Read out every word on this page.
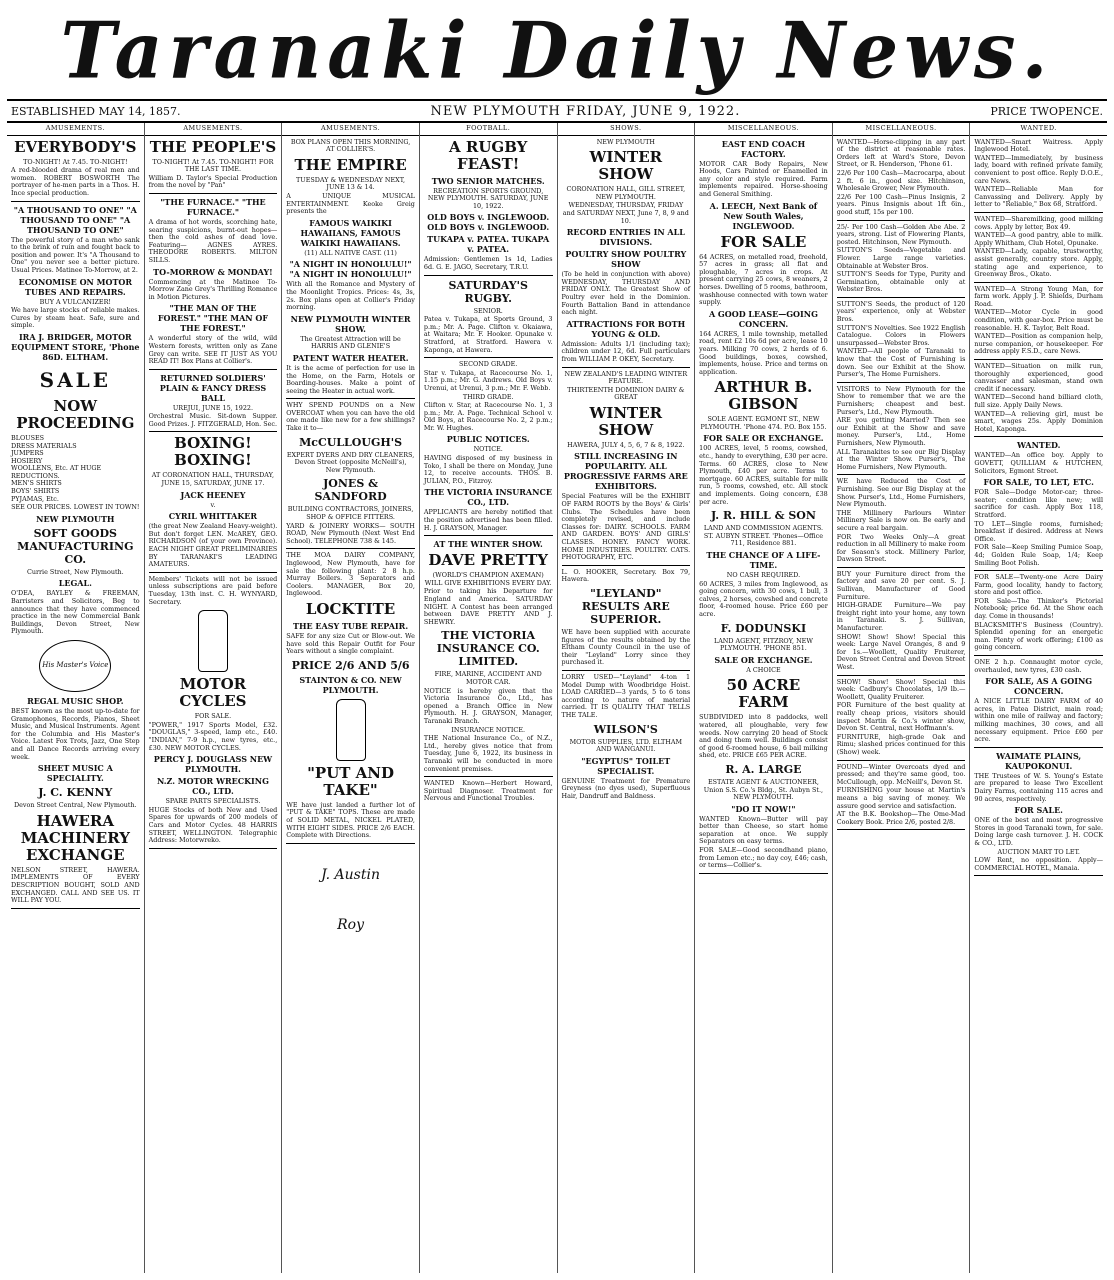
Taranaki Daily News.
ESTABLISHED MAY 14, 1857.	NEW PLYMOUTH FRIDAY, JUNE 9, 1922.	PRICE TWOPENCE.
AMUSEMENTS.
EVERYBODY'S
TO-NIGHT! At 7.45. TO-NIGHT!
A red-blooded drama of real men and women. ROBERT BOSWORTH The portrayer of he-men parts in a Thos. H. Ince special production.
"A THOUSAND TO ONE" "A THOUSAND TO ONE" "A THOUSAND TO ONE"
The powerful story of a man who sank to the brink of ruin and fought back to position and power. It's "A Thousand to One" you never see a better picture. Usual Prices. Matinee To-Morrow, at 2.
ECONOMISE ON MOTOR TUBES AND REPAIRS.
BUY A VULCANIZER!
We have large stocks of reliable makes. Cures by steam heat. Safe, sure and simple.
IRA J. BRIDGER, MOTOR EQUIPMENT STORE, 'Phone 86D. ELTHAM.
SALE
NOW PROCEEDING
BLOUSES
DRESS MATERIALS
JUMPERS
HOSIERY
WOOLLENS, Etc. AT HUGE REDUCTIONS.
MEN'S SHIRTS
BOYS' SHIRTS
PYJAMAS, Etc.
SEE OUR PRICES. LOWEST IN TOWN!
NEW PLYMOUTH
SOFT GOODS MANUFACTURING CO.
Currie Street, New Plymouth.
LEGAL.
O'DEA, BAYLEY & FREEMAN, Barristers and Solicitors, Beg to announce that they have commenced practice in the new Commercial Bank Buildings, Devon Street, New Plymouth.
His Master's Voice
REGAL MUSIC SHOP.
BEST known as the most up-to-date for Gramophones, Records, Pianos, Sheet Music, and Musical Instruments. Agent for the Columbia and His Master's Voice. Latest Fox Trots, Jazz, One Step and all Dance Records arriving every week.
SHEET MUSIC A SPECIALITY.
J. C. KENNY
Devon Street Central, New Plymouth.
HAWERA MACHINERY EXCHANGE
NELSON STREET, HAWERA. IMPLEMENTS OF EVERY DESCRIPTION BOUGHT, SOLD AND EXCHANGED. CALL AND SEE US. IT WILL PAY YOU.
AMUSEMENTS.
THE PEOPLE'S
TO-NIGHT! At 7.45. TO-NIGHT! FOR THE LAST TIME.
William D. Taylor's Special Production from the novel by "Pan"
"THE FURNACE." "THE FURNACE."
A drama of hot words, scorching hate, searing suspicions, burnt-out hopes— then the cold ashes of dead love. Featuring— AGNES AYRES. THEODORE ROBERTS. MILTON SILLS.
TO-MORROW & MONDAY!
Commencing at the Matinee To-Morrow Zane Grey's Thrilling Romance in Motion Pictures.
"THE MAN OF THE FOREST." "THE MAN OF THE FOREST."
A wonderful story of the wild, wild Western forests, written only as Zane Grey can write. SEE IT JUST AS YOU READ IT! Box Plans at Collier's.
RETURNED SOLDIERS' PLAIN & FANCY DRESS BALL
UREJUI, JUNE 15, 1922.
Orchestral Music. Sit-down Supper. Good Prizes. J. FITZGERALD, Hon. Sec.
BOXING! BOXING!
AT CORONATION HALL, THURSDAY, JUNE 15, SATURDAY, JUNE 17.
JACK HEENEY
v.
CYRIL WHITTAKER
(the great New Zealand Heavy-weight). But don't forget LEN. McAREY, GEO. RICHARDSON (of your own Province). EACH NIGHT GREAT PRELIMINARIES BY TARANAKI'S LEADING AMATEURS.
Members' Tickets will not be issued unless subscriptions are paid before Tuesday, 13th inst. C. H. WYNYARD, Secretary.
MOTOR CYCLES
FOR SALE.
"POWER," 1917 Sports Model, £32. "DOUGLAS," 3-speed, lamp etc., £40. "INDIAN," 7-9 h.p., new tyres, etc., £30. NEW MOTOR CYCLES.
PERCY J. DOUGLASS NEW PLYMOUTH.
N.Z. MOTOR WRECKING CO., LTD.
SPARE PARTS SPECIALISTS.
HUGE Stocks of both New and Used Spares for upwards of 200 models of Cars and Motor Cycles. 48 HARRIS STREET, WELLINGTON. Telegraphic Address: Motorwreko.
AMUSEMENTS.
BOX PLANS OPEN THIS MORNING, AT COLLIER'S.
THE EMPIRE
TUESDAY & WEDNESDAY NEXT, JUNE 13 & 14.
A UNIQUE MUSICAL ENTERTAINMENT. Keoke Greig presents the
FAMOUS WAIKIKI HAWAIIANS, FAMOUS WAIKIKI HAWAIIANS.
(11) ALL NATIVE CAST. (11)
"A NIGHT IN HONOLULU!" "A NIGHT IN HONOLULU!"
With all the Romance and Mystery of the Moonlight Tropics. Prices: 4s, 3s, 2s. Box plans open at Collier's Friday morning.
NEW PLYMOUTH WINTER SHOW.
The Greatest Attraction will be HARRIS AND GLENIE'S
PATENT WATER HEATER.
It is the acme of perfection for use in the Home, on the Farm, Hotels or Boarding-houses. Make a point of seeing the Heater in actual work.
WHY SPEND POUNDS on a New OVERCOAT when you can have the old one made like new for a few shillings? Take it to—
McCULLOUGH'S
EXPERT DYERS AND DRY CLEANERS, Devon Street (opposite McNeill's), New Plymouth.
JONES & SANDFORD
BUILDING CONTRACTORS, JOINERS, SHOP & OFFICE FITTERS.
YARD & JOINERY WORKS— SOUTH ROAD, New Plymouth (Next West End School). TELEPHONE 738 & 145.
THE MOA DAIRY COMPANY, Inglewood, New Plymouth, have for sale the following plant: 2 8 h.p. Murray Boilers. 3 Separators and Coolers. MANAGER, Box 20, Inglewood.
LOCKTITE
THE EASY TUBE REPAIR.
SAFE for any size Cut or Blow-out. We have sold this Repair Outfit for Four Years without a single complaint.
PRICE 2/6 AND 5/6
STAINTON & CO. NEW PLYMOUTH.
"PUT AND TAKE"
WE have just landed a further lot of "PUT & TAKE" TOPS. These are made of SOLID METAL, NICKEL PLATED, WITH EIGHT SIDES. PRICE 2/6 EACH. Complete with Directions.
J. Austin Roy
FOOTBALL.
A RUGBY FEAST!
TWO SENIOR MATCHES.
RECREATION SPORTS GROUND, NEW PLYMOUTH. SATURDAY, JUNE 10, 1922.
OLD BOYS v. INGLEWOOD. OLD BOYS v. INGLEWOOD.
TUKAPA v. PATEA. TUKAPA v. PATEA.
Admission: Gentlemen 1s 1d, Ladies 6d. G. E. JAGO, Secretary, T.R.U.
SATURDAY'S RUGBY.
SENIOR.
Patea v. Tukapa, at Sports Ground, 3 p.m.; Mr. A. Page. Clifton v. Okaiawa, at Waitara; Mr. F. Hooker. Opunake v. Stratford, at Stratford. Hawera v. Kaponga, at Hawera.
SECOND GRADE.
Star v. Tukapa, at Racecourse No. 1, 1.15 p.m.; Mr. G. Andrews. Old Boys v. Urenui, at Urenui, 3 p.m.; Mr. F. Webb.
THIRD GRADE.
Clifton v. Star, at Racecourse No. 1, 3 p.m.; Mr. A. Page. Technical School v. Old Boys, at Racecourse No. 2, 2 p.m.; Mr. W. Hughes.
PUBLIC NOTICES.
NOTICE.
HAVING disposed of my business in Toko, I shall be there on Monday, June 12, to receive accounts. THOS. B. JULIAN, P.O., Fitzroy.
THE VICTORIA INSURANCE CO., LTD.
APPLICANTS are hereby notified that the position advertised has been filled. H. J. GRAYSON, Manager.
AT THE WINTER SHOW.
DAVE PRETTY
(WORLD'S CHAMPION AXEMAN) WILL GIVE EXHIBITIONS EVERY DAY.
Prior to taking his Departure for England and America. SATURDAY NIGHT. A Contest has been arranged between DAVE PRETTY AND J. SHEWRY.
THE VICTORIA INSURANCE CO. LIMITED.
FIRE, MARINE, ACCIDENT AND MOTOR CAR.
NOTICE is hereby given that the Victoria Insurance Co., Ltd., has opened a Branch Office in New Plymouth. H. J. GRAYSON, Manager, Taranaki Branch.
INSURANCE NOTICE.
THE National Insurance Co., of N.Z., Ltd., hereby gives notice that from Tuesday, June 6, 1922, its business in Taranaki will be conducted in more convenient premises.
WANTED Known—Herbert Howard, Spiritual Diagnoser. Treatment for Nervous and Functional Troubles.
SHOWS.
NEW PLYMOUTH
WINTER SHOW
CORONATION HALL, GILL STREET, NEW PLYMOUTH.
WEDNESDAY, THURSDAY, FRIDAY and SATURDAY NEXT, June 7, 8, 9 and 10.
RECORD ENTRIES IN ALL DIVISIONS.
POULTRY SHOW POULTRY SHOW
(To be held in conjunction with above) WEDNESDAY, THURSDAY AND FRIDAY ONLY. The Greatest Show of Poultry ever held in the Dominion. Fourth Battalion Band in attendance each night.
ATTRACTIONS FOR BOTH YOUNG & OLD.
Admission: Adults 1/1 (including tax); children under 12, 6d. Full particulars from WILLIAM P. OKEY, Secretary.
NEW ZEALAND'S LEADING WINTER FEATURE.
THIRTEENTH DOMINION DAIRY & GREAT
WINTER SHOW
HAWERA, JULY 4, 5, 6, 7 & 8, 1922.
STILL INCREASING IN POPULARITY. ALL PROGRESSIVE FARMS ARE EXHIBITORS.
Special Features will be the EXHIBIT OF FARM ROOTS by the Boys' & Girls' Clubs. The Schedules have been completely revised, and include Classes for: DAIRY. SCHOOLS. FARM AND GARDEN. BOYS' AND GIRLS' CLASSES. HONEY. FANCY WORK. HOME INDUSTRIES. POULTRY. CATS. PHOTOGRAPHY, ETC.
L. O. HOOKER, Secretary. Box 79, Hawera.
"LEYLAND" RESULTS ARE SUPERIOR.
WE have been supplied with accurate figures of the results obtained by the Eltham County Council in the use of their "Leyland" Lorry since they purchased it.
LORRY USED—"Leyland" 4-ton 1 Model Dump with Woodbridge Hoist. LOAD CARRIED—3 yards, 5 to 6 tons according to nature of material carried. IT IS QUALITY THAT TELLS THE TALE.
WILSON'S
MOTOR SUPPLIES, LTD. ELTHAM AND WANGANUI.
"EGYPTUS" TOILET SPECIALIST.
GENUINE Treatment for Premature Greyness (no dyes used), Superfluous Hair, Dandruff and Baldness.
MISCELLANEOUS.
EAST END COACH FACTORY.
MOTOR CAR Body Repairs, New Hoods, Cars Painted or Enamelled in any color and style required. Farm implements repaired. Horse-shoeing and General Smithing.
A. LEECH, Next Bank of New South Wales, INGLEWOOD.
FOR SALE
64 ACRES, on metalled road, freehold, 57 acres in grass; all flat and ploughable, 7 acres in crops. At present carrying 25 cows, 8 weaners, 2 horses. Dwelling of 5 rooms, bathroom, washhouse connected with town water supply.
A GOOD LEASE—GOING CONCERN.
164 ACRES, 1 mile township, metalled road, rent £2 10s 6d per acre, lease 10 years. Milking 70 cows, 2 herds of 6. Good buildings, boxes, cowshed, implements, house. Price and terms on application.
ARTHUR B. GIBSON
SOLE AGENT. EGMONT ST., NEW PLYMOUTH. 'Phone 474. P.O. Box 155.
FOR SALE OR EXCHANGE.
100 ACRES, level, 5 rooms, cowshed, etc., handy to everything, £30 per acre. Terms. 60 ACRES, close to New Plymouth, £40 per acre. Terms to mortgage. 60 ACRES, suitable for milk run, 5 rooms, cowshed, etc. All stock and implements. Going concern, £38 per acre.
J. R. HILL & SON
LAND AND COMMISSION AGENTS. ST. AUBYN STREET. 'Phones—Office 711, Residence 881.
THE CHANCE OF A LIFE-TIME.
NO CASH REQUIRED.
60 ACRES, 3 miles from Inglewood, as going concern, with 30 cows, 1 bull, 3 calves, 2 horses, cowshed and concrete floor, 4-roomed house. Price £60 per acre.
F. DODUNSKI
LAND AGENT, FITZROY, NEW PLYMOUTH. 'PHONE 851.
SALE OR EXCHANGE.
A CHOICE
50 ACRE FARM
SUBDIVIDED into 8 paddocks, well watered, all ploughable, very few weeds. Now carrying 20 head of Stock and doing them well. Buildings consist of good 6-roomed house, 6 bail milking shed, etc. PRICE £65 PER ACRE.
R. A. LARGE
ESTATE AGENT & AUCTIONEER, Union S.S. Co.'s Bldg., St. Aubyn St., NEW PLYMOUTH.
"DO IT NOW!"
WANTED Known—Butter will pay better than Cheese, so start home separation at once. We supply Separators on easy terms.
FOR SALE—Good secondhand piano, from Lemon etc.; no day coy, £46; cash, or terms—Collier's.
MISCELLANEOUS.
WANTED—Horse-clipping in any part of the district at reasonable rates. Orders left at Ward's Store, Devon Street, or R. Henderson, 'Phone 61.
22/6 Per 100 Cash—Macrocarpa, about 2 ft. 6 in., good size. Hitchinson, Wholesale Grower, New Plymouth.
22/6 Per 100 Cash—Pinus Insignis, 2 years. Pinus Insignis about 1ft 6in., good stuff, 15s per 100.
25/- Per 100 Cash—Golden Abe Abe. 2 years, strong. List of Flowering Plants, posted. Hitchinson, New Plymouth.
SUTTON'S Seeds—Vegetable and Flower. Large range varieties. Obtainable at Webster Bros.
SUTTON'S Seeds for Type, Purity and Germination, obtainable only at Webster Bros.
SUTTON'S Seeds, the product of 120 years' experience, only at Webster Bros.
SUTTON'S Novelties. See 1922 English Catalogue. Colors in Flowers unsurpassed—Webster Bros.
WANTED—All people of Taranaki to know that the Cost of Furnishing is down. See our Exhibit at the Show. Purser's, The Home Furnishers.
VISITORS to New Plymouth for the Show to remember that we are the Furnishers; cheapest and best. Purser's, Ltd., New Plymouth.
ARE you getting Married? Then see our Exhibit at the Show and save money. Purser's, Ltd., Home Furnishers, New Plymouth.
ALL Taranakites to see our Big Display at the Winter Show. Purser's, The Home Furnishers, New Plymouth.
WE have Reduced the Cost of Furnishing. See our Big Display at the Show. Purser's, Ltd., Home Furnishers, New Plymouth.
THE Millinery Parlours Winter Millinery Sale is now on. Be early and secure a real bargain.
FOR Two Weeks Only—A great reduction in all Millinery to make room for Season's stock. Millinery Parlor, Dawson Street.
BUY your Furniture direct from the factory and save 20 per cent. S. J. Sullivan, Manufacturer of Good Furniture.
HIGH-GRADE Furniture—We pay freight right into your home, any town in Taranaki. S. J. Sullivan, Manufacturer.
SHOW! Show! Show! Special this week: Large Navel Oranges, 8 and 9 for 1s.—Woollett, Quality Fruiterer, Devon Street Central and Devon Street West.
SHOW! Show! Show! Special this week: Cadbury's Chocolates, 1/9 lb.—Woollett, Quality Fruiterer.
FOR Furniture of the best quality at really cheap prices, visitors should inspect Martin & Co.'s winter show, Devon St. Central, next Hoffmann's.
FURNITURE, high-grade Oak and Rimu; slashed prices continued for this (Show) week.
FOUND—Winter Overcoats dyed and pressed; and they're same good, too. McCullough, opp. McNeill's, Devon St.
FURNISHING your house at Martin's means a big saving of money. We assure good service and satisfaction.
AT the B.K. Bookshop—The Ome-Mad Cookery Book. Price 2/6, posted 2/8.
WANTED.
WANTED—Smart Waitress. Apply Inglewood Hotel.
WANTED—Immediately, by business lady, board with refined private family, convenient to post office. Reply D.O.E., care News.
WANTED—Reliable Man for Canvassing and Delivery. Apply by letter to "Reliable," Box 68, Stratford.
WANTED—Sharemilking, good milking cows. Apply by letter, Box 49.
WANTED—A good pantry, able to milk. Apply Whitham, Club Hotel, Opunake.
WANTED—Lady, capable, trustworthy, assist generally, country store. Apply, stating age and experience, to Greenway Bros., Okato.
WANTED—A Strong Young Man, for farm work. Apply J. P. Shields, Durham Road.
WANTED—Motor Cycle in good condition, with gear-box. Price must be reasonable. H. K. Taylor, Belt Road.
WANTED—Position as companion help, nurse companion, or housekeeper. For address apply F.S.D., care News.
WANTED—Situation on milk run, thoroughly experienced, good canvasser and salesman, stand own credit if necessary.
WANTED—Second hand billiard cloth, full size. Apply Daily News.
WANTED—A relieving girl, must be smart, wages 25s. Apply Dominion Hotel, Kaponga.
WANTED.
WANTED—An office boy. Apply to GOVETT, QUILLIAM & HUTCHEN, Solicitors, Egmont Street.
FOR SALE, TO LET, ETC.
FOR Sale—Dodge Motor-car; three-seater; condition like new; will sacrifice for cash. Apply Box 118, Stratford.
TO LET—Single rooms, furnished; breakfast if desired. Address at News Office.
FOR Sale—Keep Smiling Pumice Soap, 4d; Golden Rule Soap, 1/4; Keep Smiling Boot Polish.
FOR SALE—Twenty-one Acre Dairy Farm, good locality, handy to factory, store and post office.
FOR Sale—The Thinker's Pictorial Notebook; price 6d. At the Show each day. Come in thousands!
BLACKSMITH'S Business (Country). Splendid opening for an energetic man. Plenty of work offering; £100 as going concern.
ONE 2 h.p. Connaught motor cycle, overhauled, new tyres, £30 cash.
FOR SALE, AS A GOING CONCERN.
A NICE LITTLE DAIRY FARM of 40 acres, in Patea District, main road; within one mile of railway and factory; milking machines, 30 cows, and all necessary equipment. Price £60 per acre.
WAIMATE PLAINS, KAUPOKONUI.
THE Trustees of W. S. Young's Estate are prepared to lease Two Excellent Dairy Farms, containing 115 acres and 90 acres, respectively.
FOR SALE.
ONE of the best and most progressive Stores in good Taranaki town, for sale. Doing large cash turnover. J. H. COCK & CO., LTD.
AUCTION MART TO LET.
LOW Rent, no opposition. Apply— COMMERCIAL HOTEL, Manaia.
